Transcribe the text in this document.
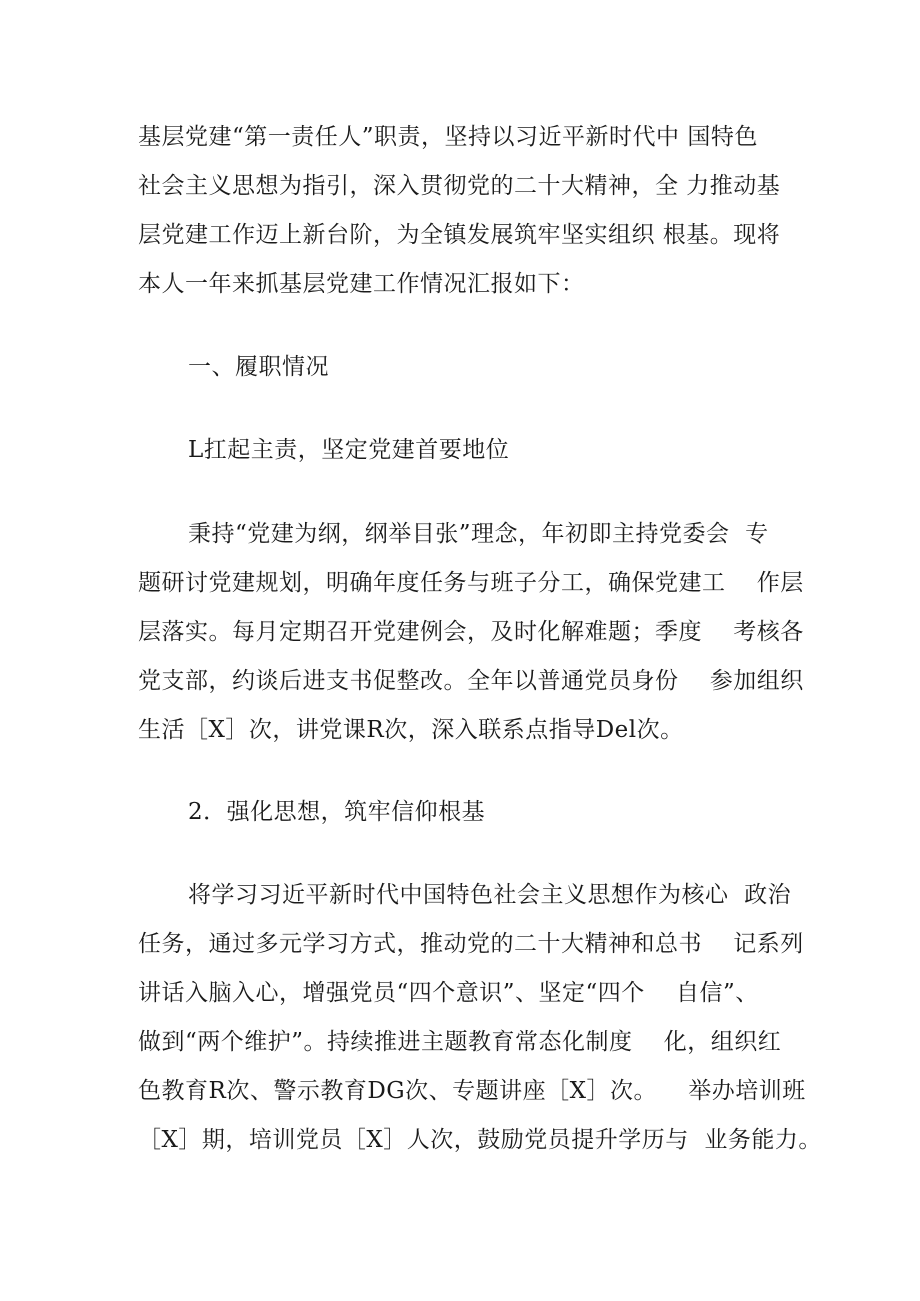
基层党建“第一责任人”职责，坚持以习近平新时代中 国特色

社会主义思想为指引，深入贯彻党的二十大精神，全 力推动基

层党建工作迈上新台阶，为全镇发展筑牢坚实组织 根基。现将

本人一年来抓基层党建工作情况汇报如下：

一、履职情况

L扛起主责，坚定党建首要地位

秉持“党建为纲，纲举目张”理念，年初即主持党委会  专

题研讨党建规划，明确年度任务与班子分工，确保党建工    作层

层落实。每月定期召开党建例会，及时化解难题；季度    考核各

党支部，约谈后进支书促整改。全年以普通党员身份    参加组织

生活［X］次，讲党课R次，深入联系点指导Del次。

2．强化思想，筑牢信仰根基

将学习习近平新时代中国特色社会主义思想作为核心  政治

任务，通过多元学习方式，推动党的二十大精神和总书    记系列

讲话入脑入心，增强党员“四个意识”、坚定“四个    自信”、

做到“两个维护”。持续推进主题教育常态化制度    化，组织红

色教育R次、警示教育DG次、专题讲座［X］次。    举办培训班

［X］期，培训党员［X］人次，鼓励党员提升学历与  业务能力。
